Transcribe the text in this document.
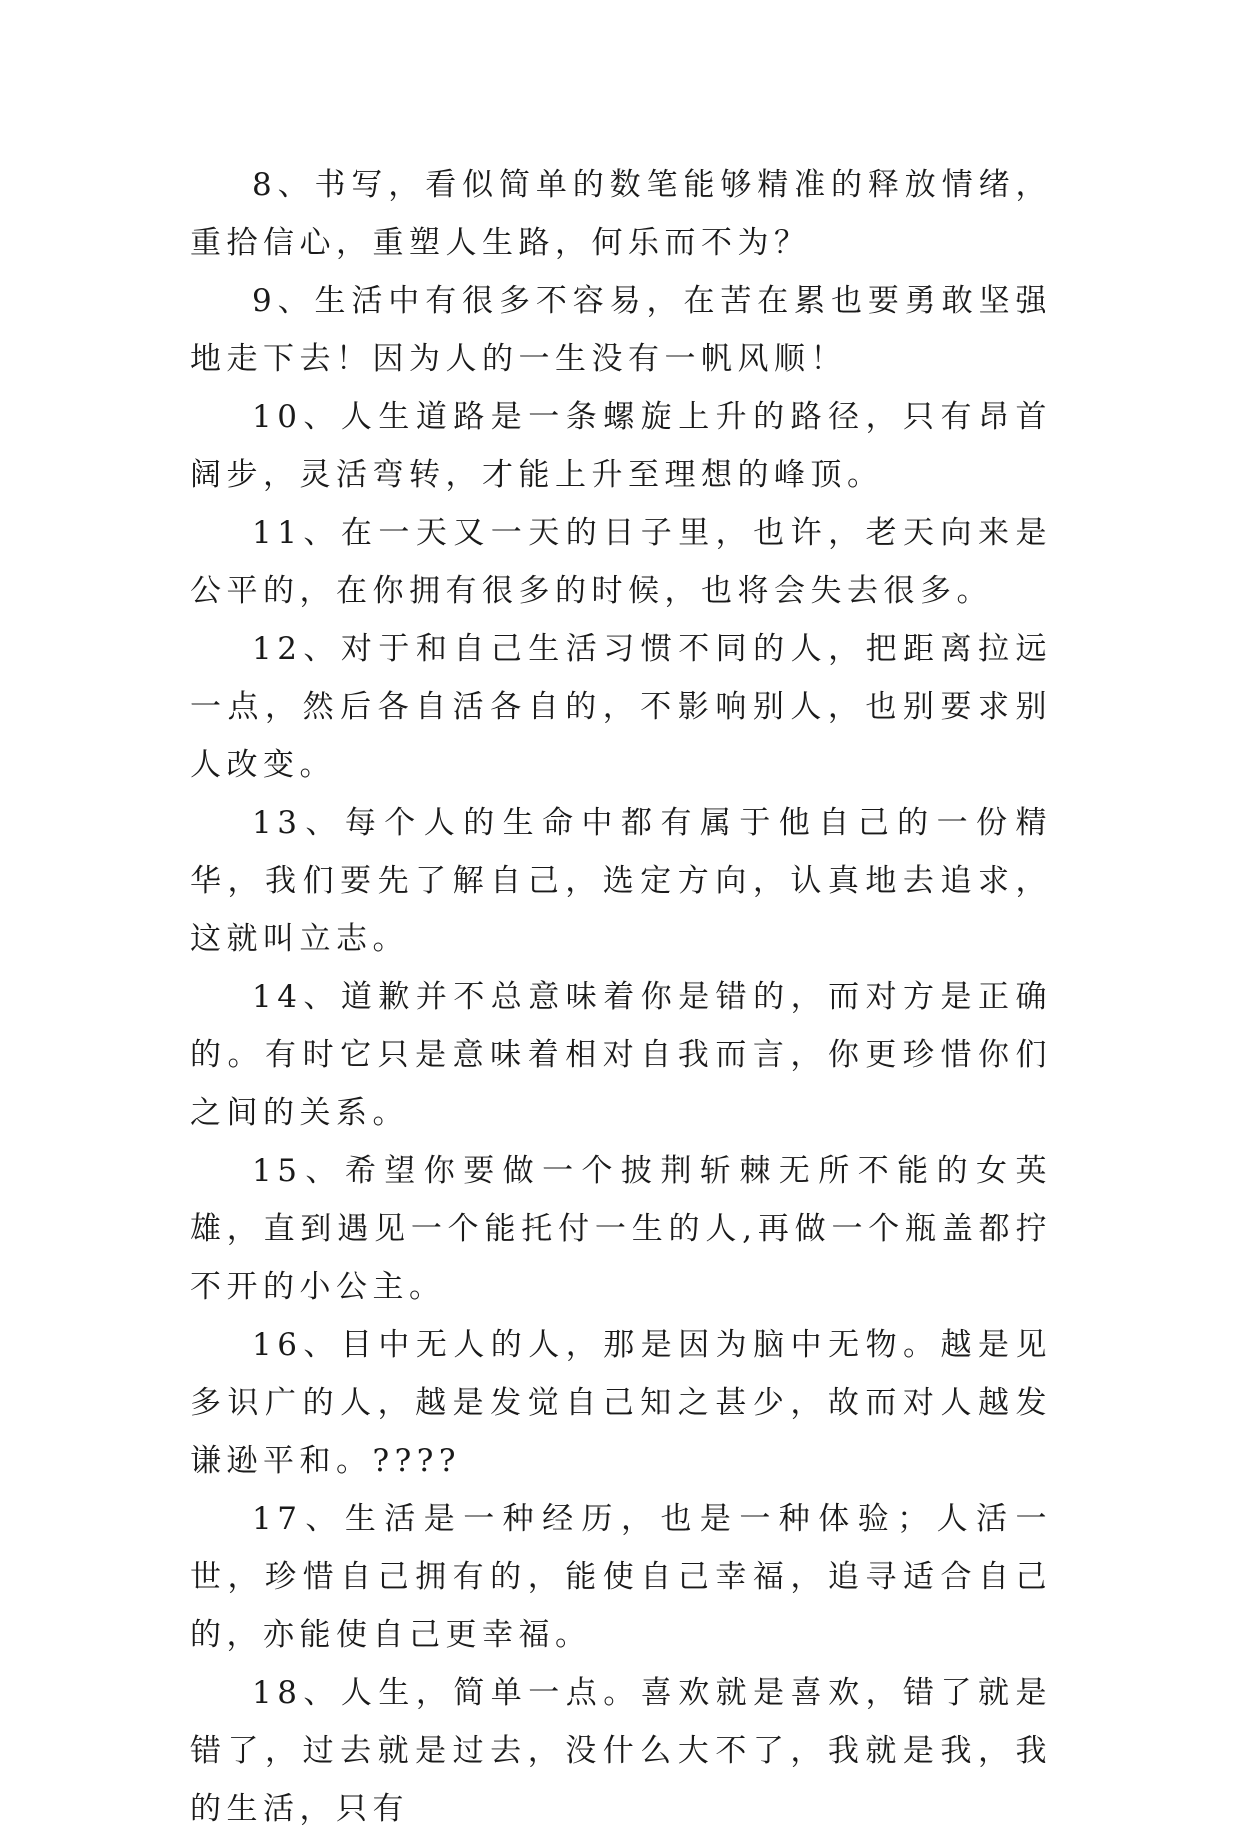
8、书写，看似简单的数笔能够精准的释放情绪，重拾信心，重塑人生路，何乐而不为？

9、生活中有很多不容易，在苦在累也要勇敢坚强地走下去！因为人的一生没有一帆风顺！

10、人生道路是一条螺旋上升的路径，只有昂首阔步，灵活弯转，才能上升至理想的峰顶。

11、在一天又一天的日子里，也许，老天向来是公平的，在你拥有很多的时候，也将会失去很多。

12、对于和自己生活习惯不同的人，把距离拉远一点，然后各自活各自的，不影响别人，也别要求别人改变。

13、每个人的生命中都有属于他自己的一份精华，我们要先了解自己，选定方向，认真地去追求，这就叫立志。

14、道歉并不总意味着你是错的，而对方是正确的。有时它只是意味着相对自我而言，你更珍惜你们之间的关系。

15、希望你要做一个披荆斩棘无所不能的女英雄，直到遇见一个能托付一生的人,再做一个瓶盖都拧不开的小公主。

16、目中无人的人，那是因为脑中无物。越是见多识广的人，越是发觉自己知之甚少，故而对人越发谦逊平和。????

17、生活是一种经历，也是一种体验；人活一世，珍惜自己拥有的，能使自己幸福，追寻适合自己的，亦能使自己更幸福。

18、人生，简单一点。喜欢就是喜欢，错了就是错了，过去就是过去，没什么大不了，我就是我，我的生活，只有
